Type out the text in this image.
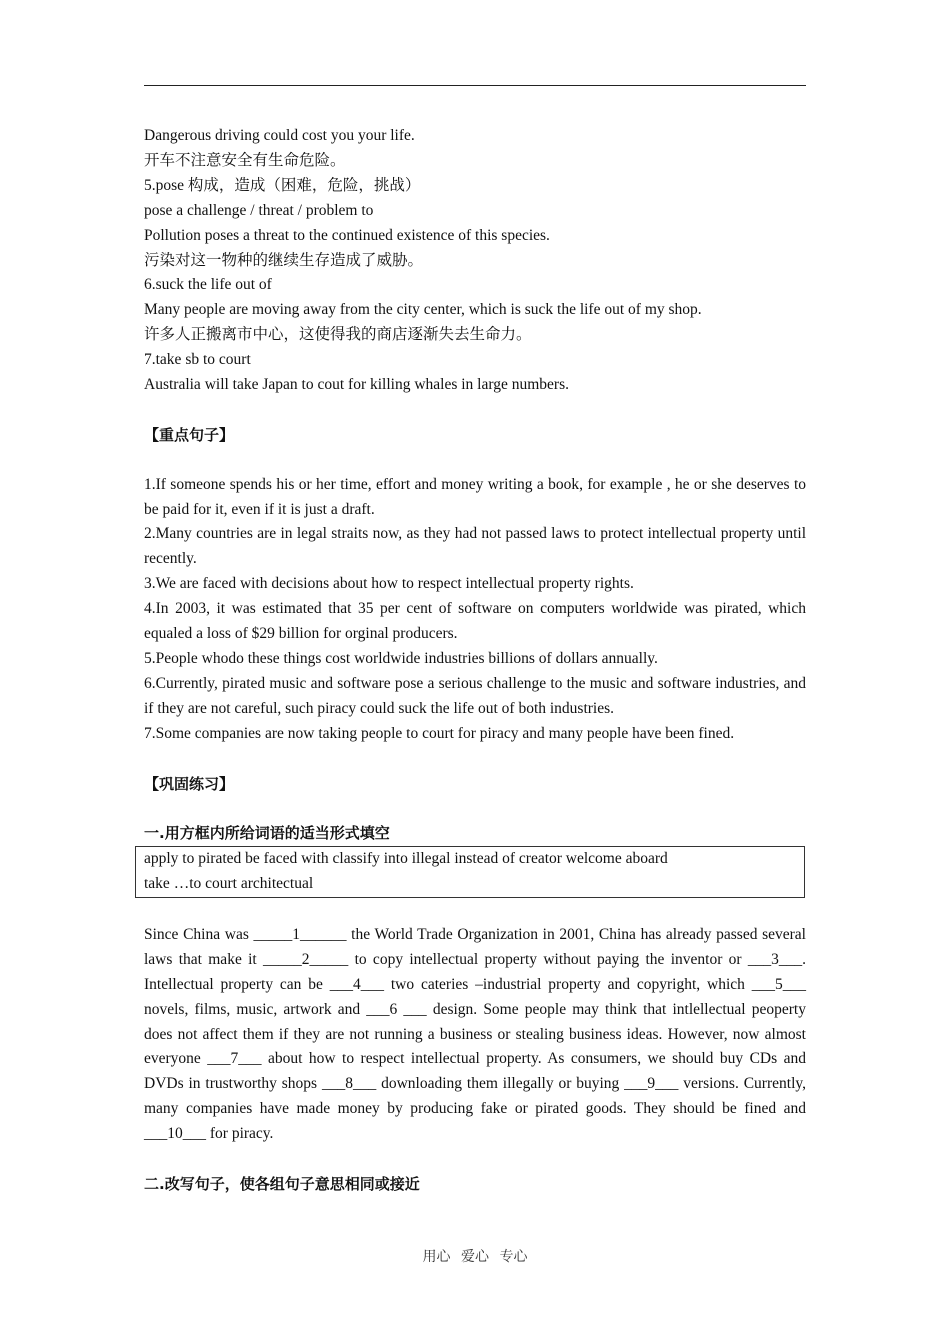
Dangerous driving could cost you your life.
开车不注意安全有生命危险。
5.pose 构成，造成（困难，危险，挑战）
pose a challenge / threat / problem to
Pollution poses a threat to the continued existence of this species.
污染对这一物种的继续生存造成了威胁。
6.suck the life out of
Many people are moving away from the city center, which is suck the life out of my shop.
许多人正搬离市中心，这使得我的商店逐渐失去生命力。
7.take sb to court
Australia will take Japan to cout for killing whales in large numbers.
【重点句子】
1.If someone spends his or her time, effort and money writing a book, for example , he or she deserves to be paid for it, even if it is just a draft.
2.Many countries are in legal straits now, as they had not passed laws to protect intellectual property until recently.
3.We are faced with decisions about how to respect intellectual property rights.
4.In 2003, it was estimated that 35 per cent of software on computers worldwide was pirated, which equaled a loss of $29 billion for orginal producers.
5.People whodo these things cost worldwide industries billions of dollars annually.
6.Currently, pirated music and software pose a serious challenge to the music and software industries, and if they are not careful, such piracy could suck the life out of both industries.
7.Some companies are now taking people to court for piracy and many people have been fined.
【巩固练习】
一.用方框内所给词语的适当形式填空
apply to pirated be faced with classify into illegal instead of creator welcome aboard
take …to court architectual
Since China was _____1______ the World Trade Organization in 2001, China has already passed several laws that make it _____2_____ to copy intellectual property without paying the inventor or ___3___. Intellectual property can be ___4___ two cateries –industrial property and copyright, which ___5___ novels, films, music, artwork and ___6 ___ design. Some people may think that intlellectual peoperty does not affect them if they are not running a business or stealing business ideas. However, now almost everyone ___7___ about how to respect intellectual property. As consumers, we should buy CDs and DVDs in trustworthy shops ___8___ downloading them illegally or buying ___9___ versions. Currently, many companies have made money by producing fake or pirated goods. They should be fined and ___10___ for piracy.
二.改写句子，使各组句子意思相同或接近
用心 爱心 专心
